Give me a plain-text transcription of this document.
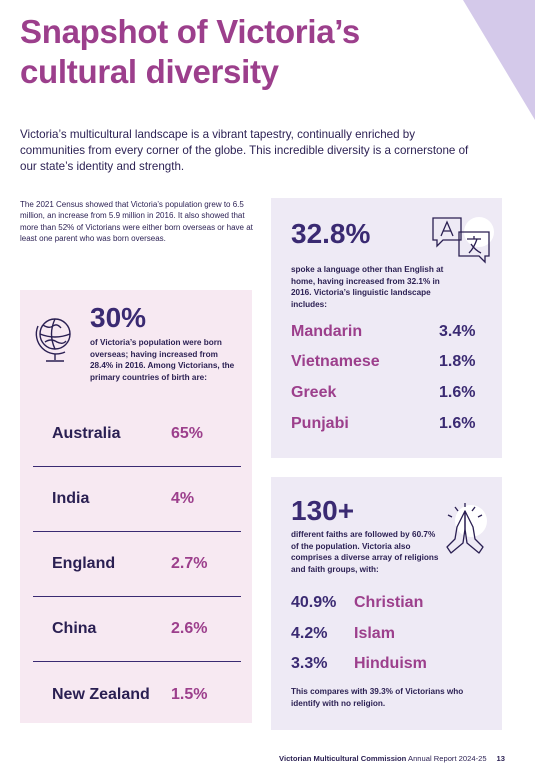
Snapshot of Victoria’s cultural diversity
Victoria’s multicultural landscape is a vibrant tapestry, continually enriched by communities from every corner of the globe. This incredible diversity is a cornerstone of our state’s identity and strength.
The 2021 Census showed that Victoria’s population grew to 6.5 million, an increase from 5.9 million in 2016. It also showed that more than 52% of Victorians were either born overseas or have at least one parent who was born overseas.
30%
of Victoria’s population were born overseas; having increased from 28.4% in 2016. Among Victorians, the primary countries of birth are:
Australia	65%
India	4%
England	2.7%
China	2.6%
New Zealand 1.5%
32.8%
spoke a language other than English at home, having increased from 32.1% in 2016. Victoria’s linguistic landscape includes:
Mandarin	3.4%
Vietnamese	1.8%
Greek	1.6%
Punjabi	1.6%
130+
different faiths are followed by 60.7% of the population. Victoria also comprises a diverse array of religions and faith groups, with:
40.9% Christian
4.2% Islam
3.3% Hinduism
This compares with 39.3% of Victorians who identify with no religion.
Victorian Multicultural Commission Annual Report 2024-25 13
